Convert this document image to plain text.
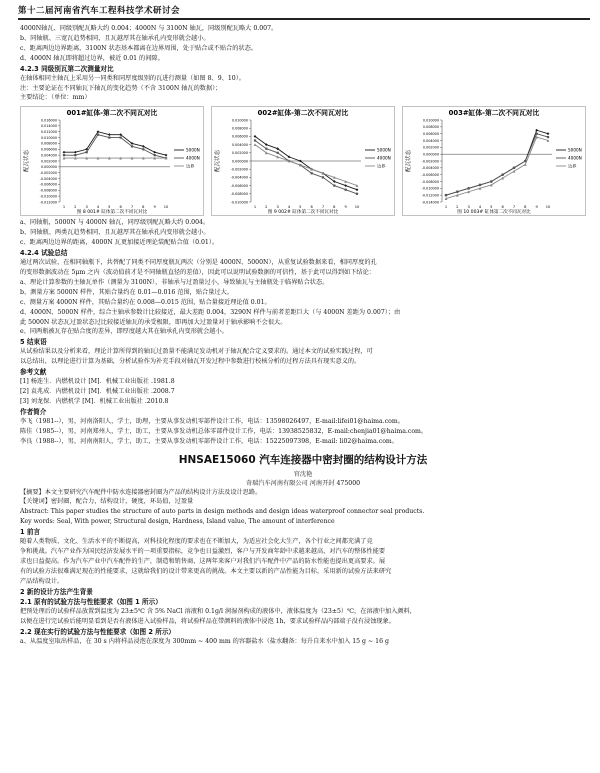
第十二届河南省汽车工程科技学术研讨会

4000N轴瓦、同级别配瓦略大约 0.004；4000N 与 3100N 轴瓦，同级别配瓦略大 0.007。

b、同轴瓶、三宽瓦趋势相同，且瓦越厚其在轴承孔内变形就会越小。

c、距离两边边界距离，3100N 状态基本都离在边界周围，处于贴合或不贴合的状态。

d、4000N 轴瓦即将超过边界，被近 0.01 的间隙。

4.2.3 同级别瓦第二次测量对比

在轴体相同主轴瓦上采用另一同类和同厚度级别的瓦进行测量（如图 8、9、10）。

注：主要论证在不同轴瓦下轴瓦的变化趋势（不含 3100N 轴瓦的数据）；

主要结论：（单位：mm）

001#缸体-第二次不同瓦对比
配瓦状态
0.016000
0.014000
0.012000
0.010000
0.008000
0.006000
0.004000
0.002000
0.000000
-0.002000
-0.004000
-0.006000
-0.008000
-0.010000
-0.012000
1	2	3	4	5	6	7	8	9 10
5000N
4000N
边界
图 8 001# 缸体第二次不同瓦对比
002#缸体-第二次不同瓦对比
配瓦状态
0.010000
0.008000
0.006000
0.004000
0.002000
0.000000
-0.002000
-0.004000
-0.006000
-0.008000
-0.010000
1	2	3	4	5	6	7	8	9 10
5000N
4000N
边界
图 9 002# 缸体第二次不同瓦对比
003#缸体-第二次不同瓦对比
配瓦状态
0.010000
0.008000
0.006000
0.004000
0.002000
0.000000
-0.002000
-0.004000
-0.006000
-0.008000
-0.010000
-0.012000
-0.014000
1	2	3	4	5	6	7	8	9 10
5000N
4000N
边界
图 10 003# 缸体第二次不同瓦对比

a、同轴瓶，5000N 与 4000N 轴瓦，同厚级别配瓦略大约 0.004。

b、同轴瓶、两类瓦趋势相同，且瓦越厚其在轴承孔内变形就会越小。

c、距离两边边界的距离，4000N 瓦更加接近理论装配贴合值（0.01）。

4.2.4 试验总结

通过两次试验，在相同轴瓶下，共替配了同类不同厚度瓶瓦两次（分别是 4000N、5000N），从重复试验数据来看，相同厚度的孔

的变形数据波动在 5μm 之内（波动值前才是不同轴瓶直径的差值），因此可以说明试验数据的可信性，基于此可以得到如下结论：

a、理论计算参数的主轴瓦单作（测量为 3100N），非轴承与过盈量过小，导致轴瓦与主轴瓶处于临界贴合状态。

b、测量方案 5000N 样件，其贴合量约在 0.01—0.016 范围，贴合量过大。

c、测量方案 4000N 样件，其贴合量约在 0.008—0.015 范围，贴合量接近理论值 0.01。

d、4000N、5000N 样件，综合主轴承参数计比较接近，最大差距 0.004，3290N 样件与前者差距巨大（与 4000N 差距为 0.007）；由

此 5000N 状态瓦过盈状态过比较接近轴瓦的承受极限，即再加大过盈量对于轴承影响不会很大。

e、同两瓶被瓦存在贴合度的差异，即厚度越大其在轴承孔内变形就会越小。

5 结束语

从试验结果以及分析来看，理论计算所得到的轴瓦过盈量不能满足发动机对于轴瓦配合定义要求的。通过本文的试验实践过程，可

以总结出，以理论进行计算为基础，分析试验作为补充手段对轴瓦开发过程中参数进行校核分析的过程方法具有现实意义的。

参考文献

[1] 杨连生．内燃机设计 [M]．机械工业出版社 .1981.8

[2] 袁兆成．内燃机设计 [M]．机械工业出版社 .2008.7

[3] 刘龙保．内燃机学 [M]．机械工业出版社 .2010.8

作者简介

李飞（1981--），男，河南洛阳人，学士，助理，主要从事发动机零部件设计工作，电话：13598026497，E-mail:lifei01@haima.com。

陈佳（1985--），男，河南郑州人，学士，助工，主要从事发动机总体零部件设计工作，电话：13938525832，E-mail:chenjia01@haima.com。

李良（1988--），男，河南南阳人，学士，助工，主要从事发动机零部件设计工作，电话：15225097398，E-mail: li02@haima.com。

HNSAE15060 汽车连接器中密封圈的结构设计方法
官沈艳
奇瑞汽车河南有限公司 河南开封 475000

【摘要】本文主要研究汽车配件中防水连接器密封圈为产品的结构设计方法及设计思路。

【关键词】密封圈，配合力，结构设计，硬度，环岛值，过盈量

Abstract: This paper studies the structure of auto parts in design methods and design ideas waterproof connector seal products.

Key words: Seal, With power, Structural design, Hardness, Island value, The amount of interference

1 前言

随着人类物质、文化、生活水平的不断提高，对科技化程度的要求也在不断加大，为适应社会化大生产，各个行业之间都充满了竞

争和挑战。汽车产业作为国民经济发展水平的一项重要指标，竞争也日益激烈，客户与开发商年龄中求越来越高，对汽车的整体性能要

求也日益提高。作为汽车产业中汽车配件的生产，制造和销售商，这两年来客户对我们汽车配件中产品的防水性能也提出更高要求。展

有的试验方法很难满足现在的性能要求，这就给我们的设计带来更高的挑战。本文主要以新的产品性能为目标，采用新的试验方法来研究

产品结构设计。

2 新的设计方法产生背景
2.1 原有的试验方法与性能要求（如图 1 所示）

把预处理后的试验样品放置到温度为 23±5℃ 含 5% NaCl 溶液和 0.1g/l 润湿剂构成的液体中，液体温度为（23±5）℃，在溶液中加入颜料，

以便在进行完试验后能明显看到是否有液体进入试验样品，将试验样品在带颜料的液体中浸泡 1h，要求试验样品内部端子没有浸蚀现象。

2.2 现在实行的试验方法与性能要求（如图 2 所示）

a、从温度室取出样品，在 30 s 内将样品浸泡在深度为 300mm ~ 400 mm 的容器盐水（盐水翻备：每升自来水中加入 15 g ~ 16 g
